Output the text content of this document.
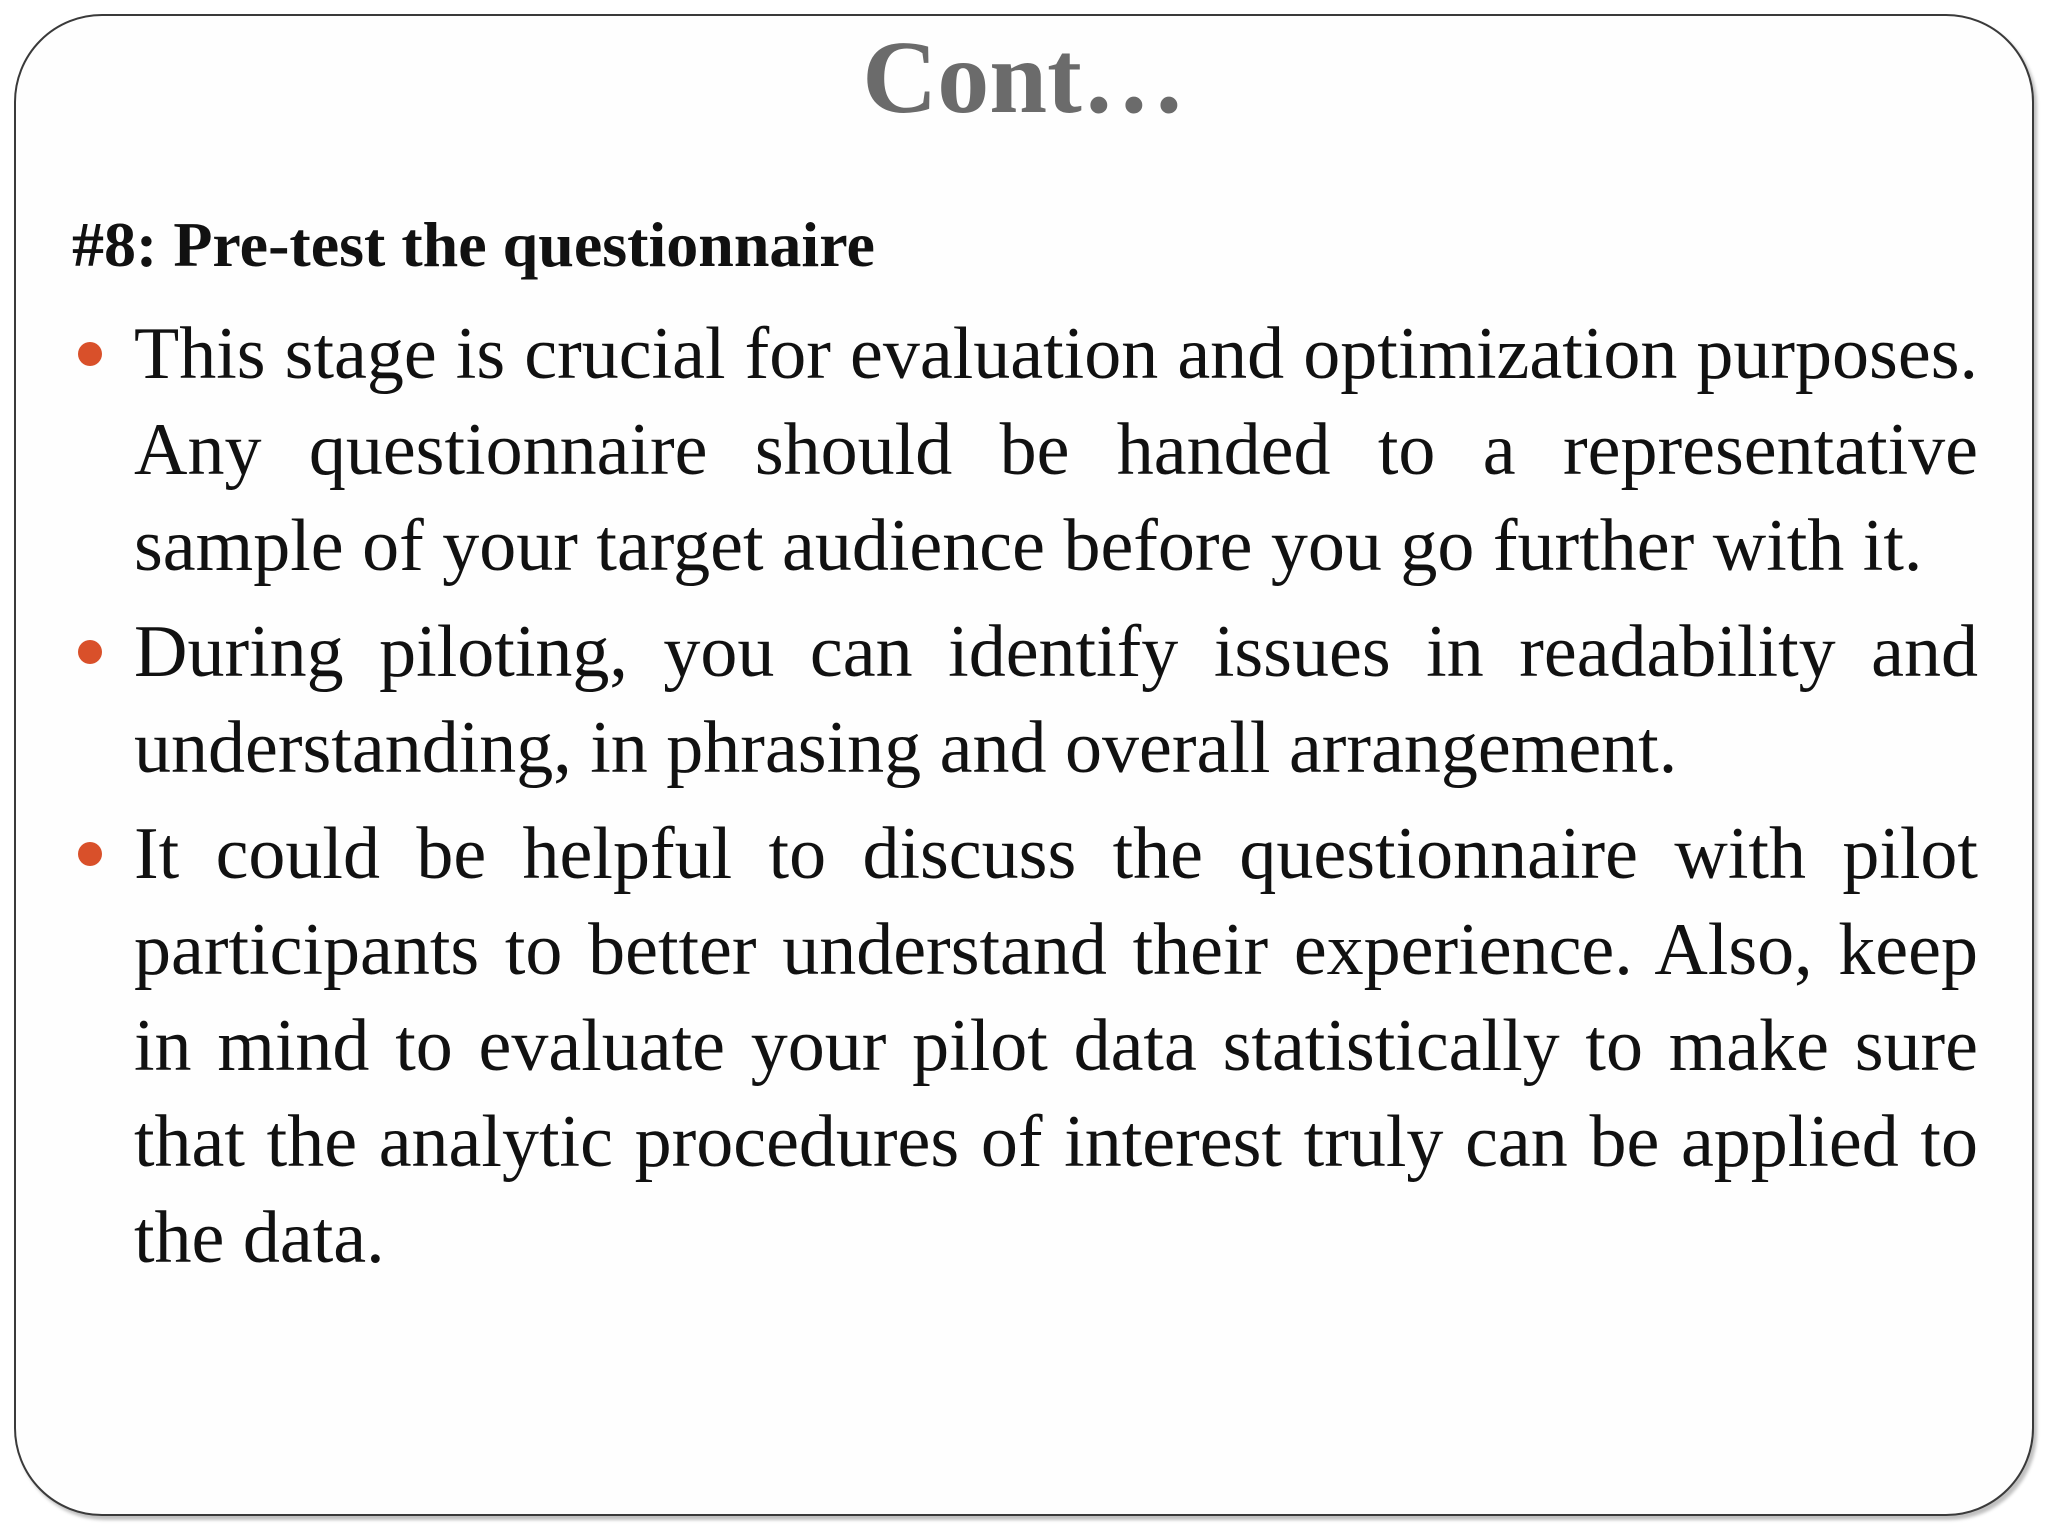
Cont…
#8: Pre-test the questionnaire
This stage is crucial for evaluation and optimization purposes. Any questionnaire should be handed to a representative sample of your target audience before you go further with it.
During piloting, you can identify issues in readability and understanding, in phrasing and overall arrangement.
It could be helpful to discuss the questionnaire with pilot participants to better understand their experience. Also, keep in mind to evaluate your pilot data statistically to make sure that the analytic procedures of interest truly can be applied to the data.
